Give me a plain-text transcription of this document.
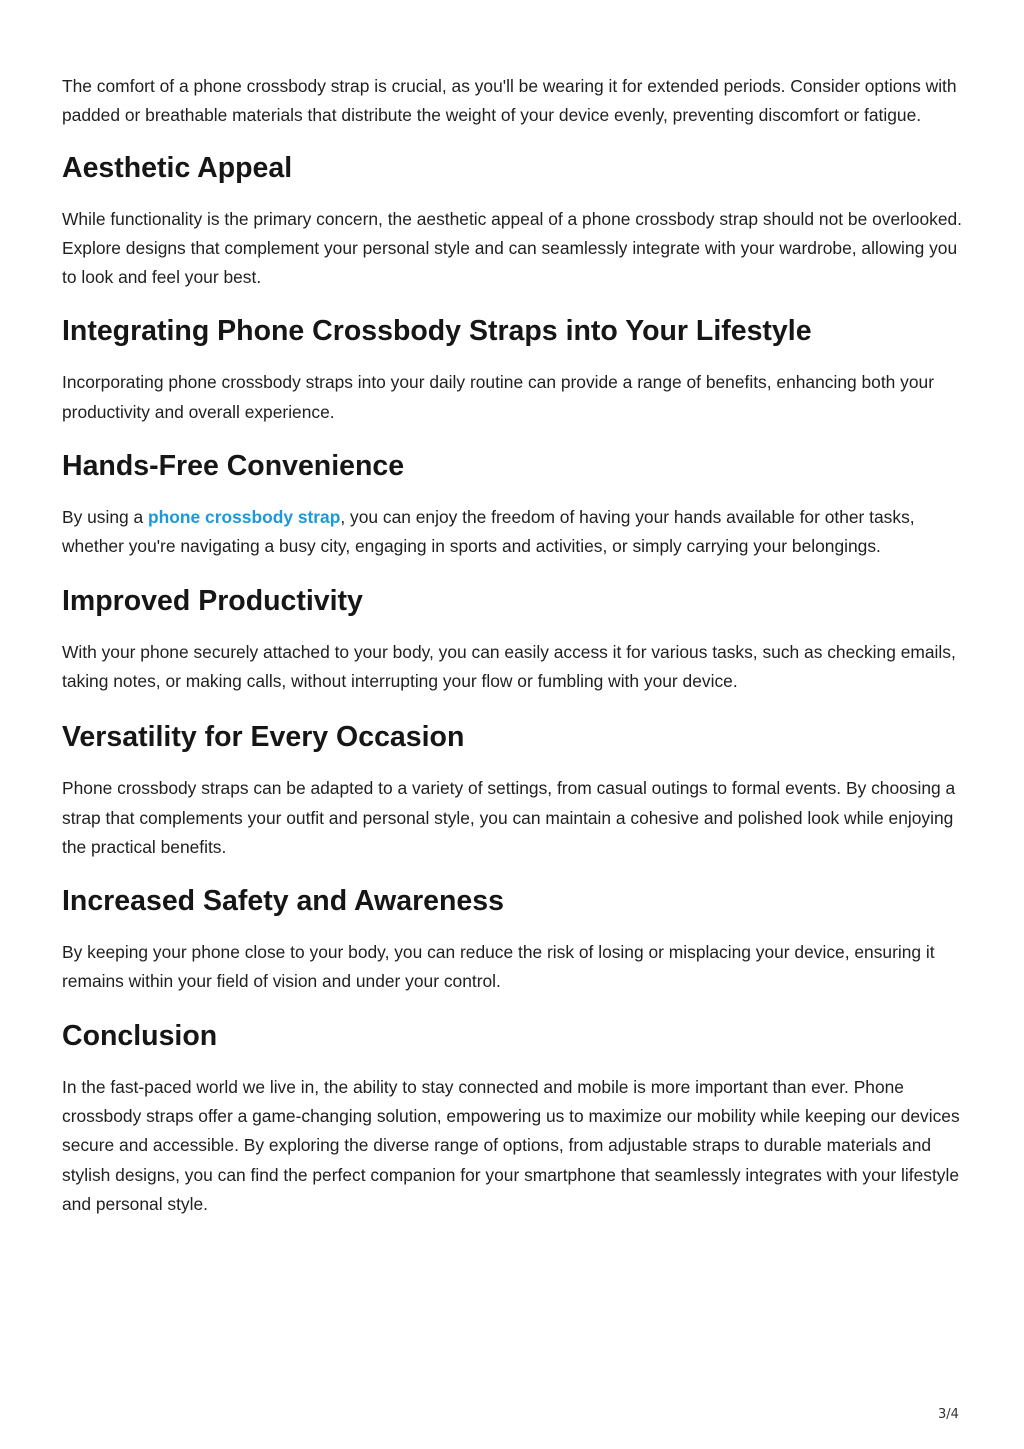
The comfort of a phone crossbody strap is crucial, as you'll be wearing it for extended periods. Consider options with padded or breathable materials that distribute the weight of your device evenly, preventing discomfort or fatigue.

Aesthetic Appeal

While functionality is the primary concern, the aesthetic appeal of a phone crossbody strap should not be overlooked. Explore designs that complement your personal style and can seamlessly integrate with your wardrobe, allowing you to look and feel your best.

Integrating Phone Crossbody Straps into Your Lifestyle

Incorporating phone crossbody straps into your daily routine can provide a range of benefits, enhancing both your productivity and overall experience.

Hands-Free Convenience

By using a phone crossbody strap, you can enjoy the freedom of having your hands available for other tasks, whether you're navigating a busy city, engaging in sports and activities, or simply carrying your belongings.

Improved Productivity

With your phone securely attached to your body, you can easily access it for various tasks, such as checking emails, taking notes, or making calls, without interrupting your flow or fumbling with your device.

Versatility for Every Occasion

Phone crossbody straps can be adapted to a variety of settings, from casual outings to formal events. By choosing a strap that complements your outfit and personal style, you can maintain a cohesive and polished look while enjoying the practical benefits.

Increased Safety and Awareness

By keeping your phone close to your body, you can reduce the risk of losing or misplacing your device, ensuring it remains within your field of vision and under your control.

Conclusion

In the fast-paced world we live in, the ability to stay connected and mobile is more important than ever. Phone crossbody straps offer a game-changing solution, empowering us to maximize our mobility while keeping our devices secure and accessible. By exploring the diverse range of options, from adjustable straps to durable materials and stylish designs, you can find the perfect companion for your smartphone that seamlessly integrates with your lifestyle and personal style.

3/4
